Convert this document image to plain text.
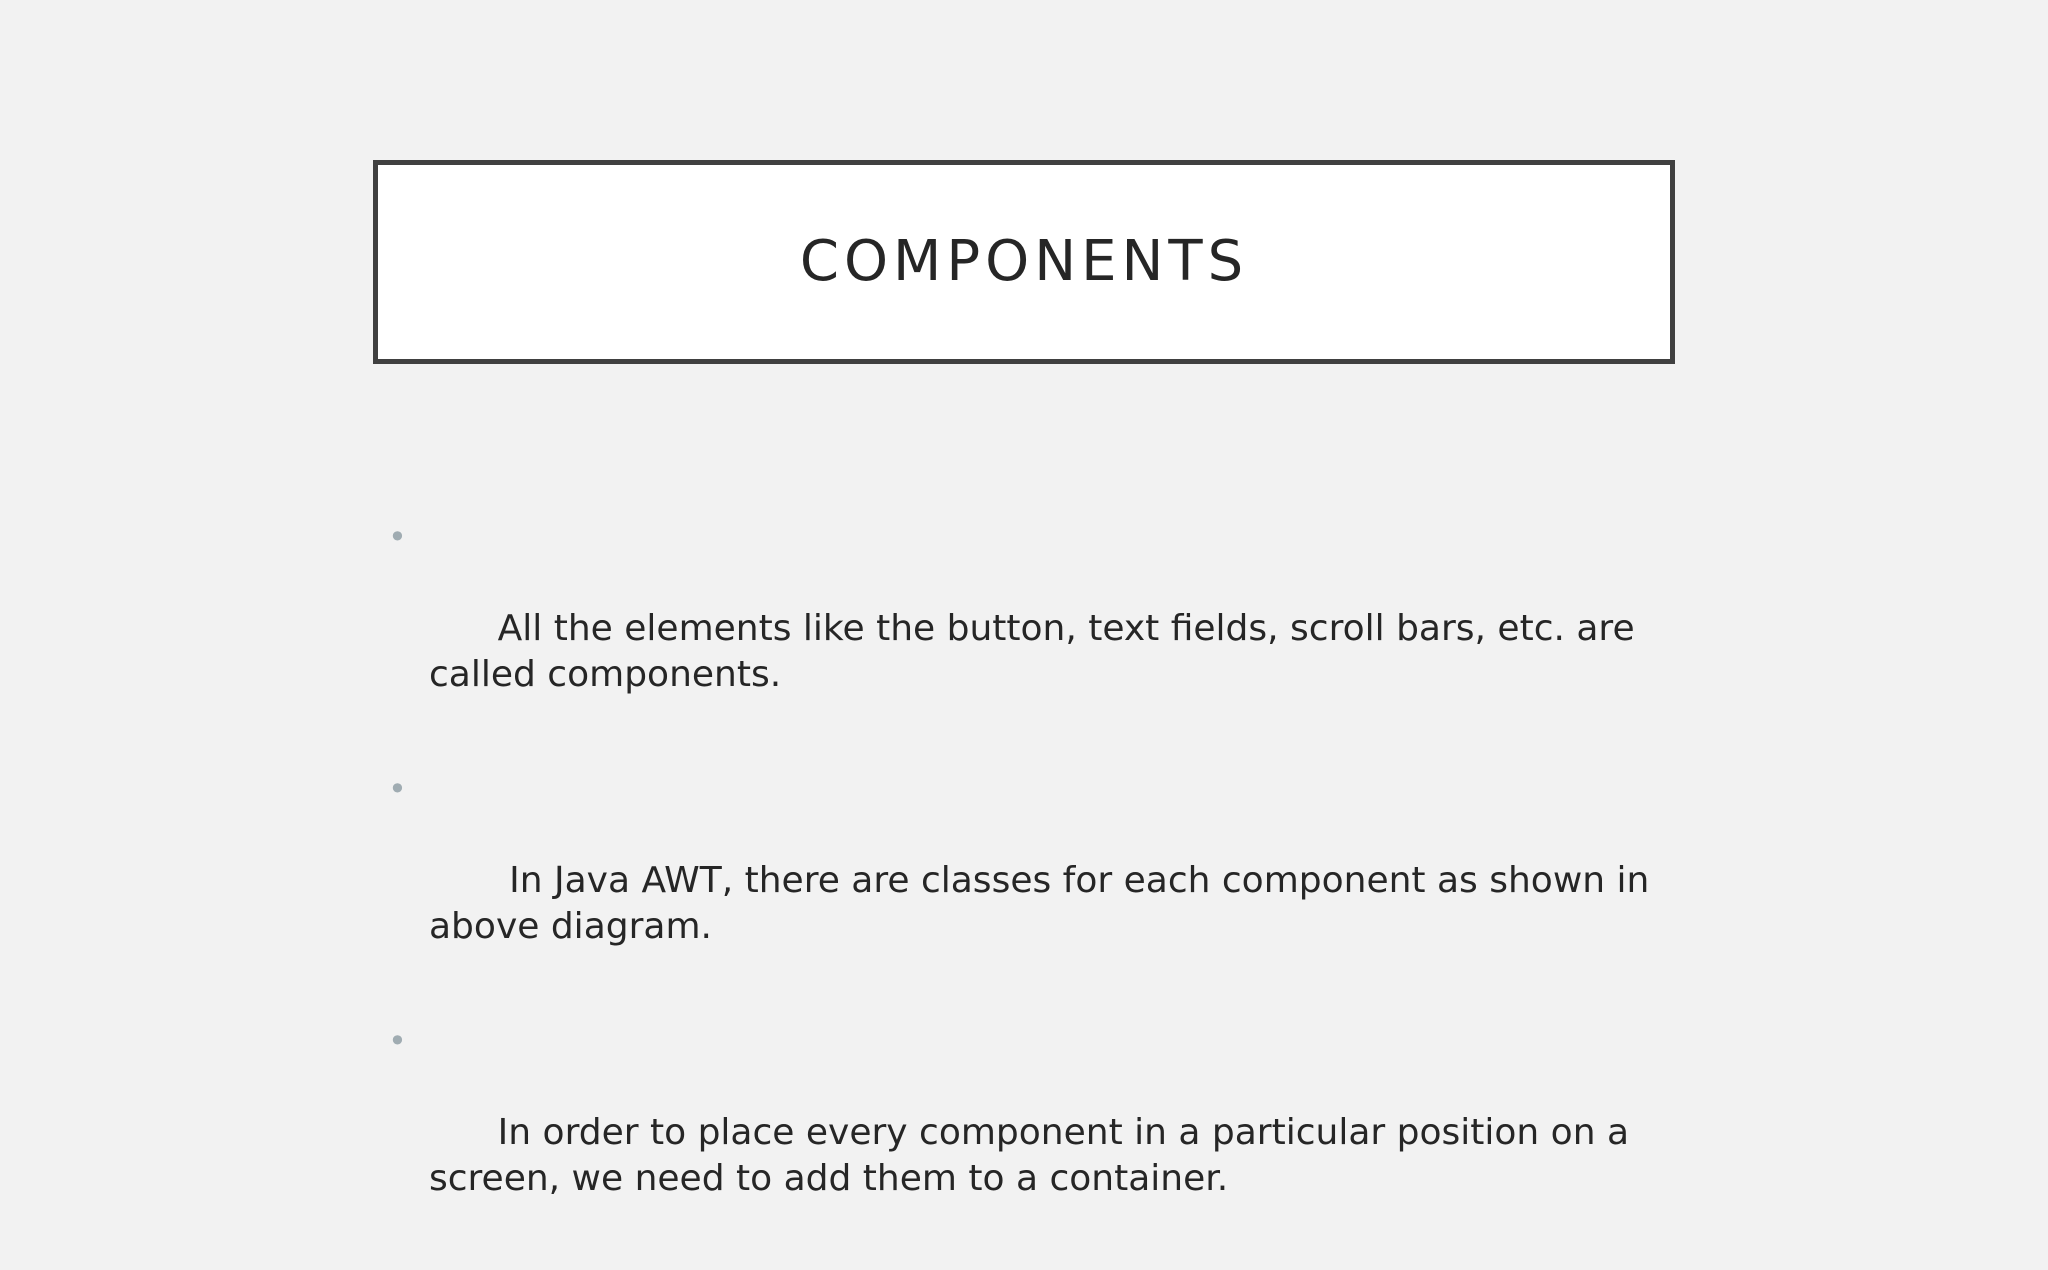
COMPONENTS

•

All the elements like the button, text fields, scroll bars, etc. are called components.

•

In Java AWT, there are classes for each component as shown in above diagram.

•

In order to place every component in a particular position on a screen, we need to add them to a container.
